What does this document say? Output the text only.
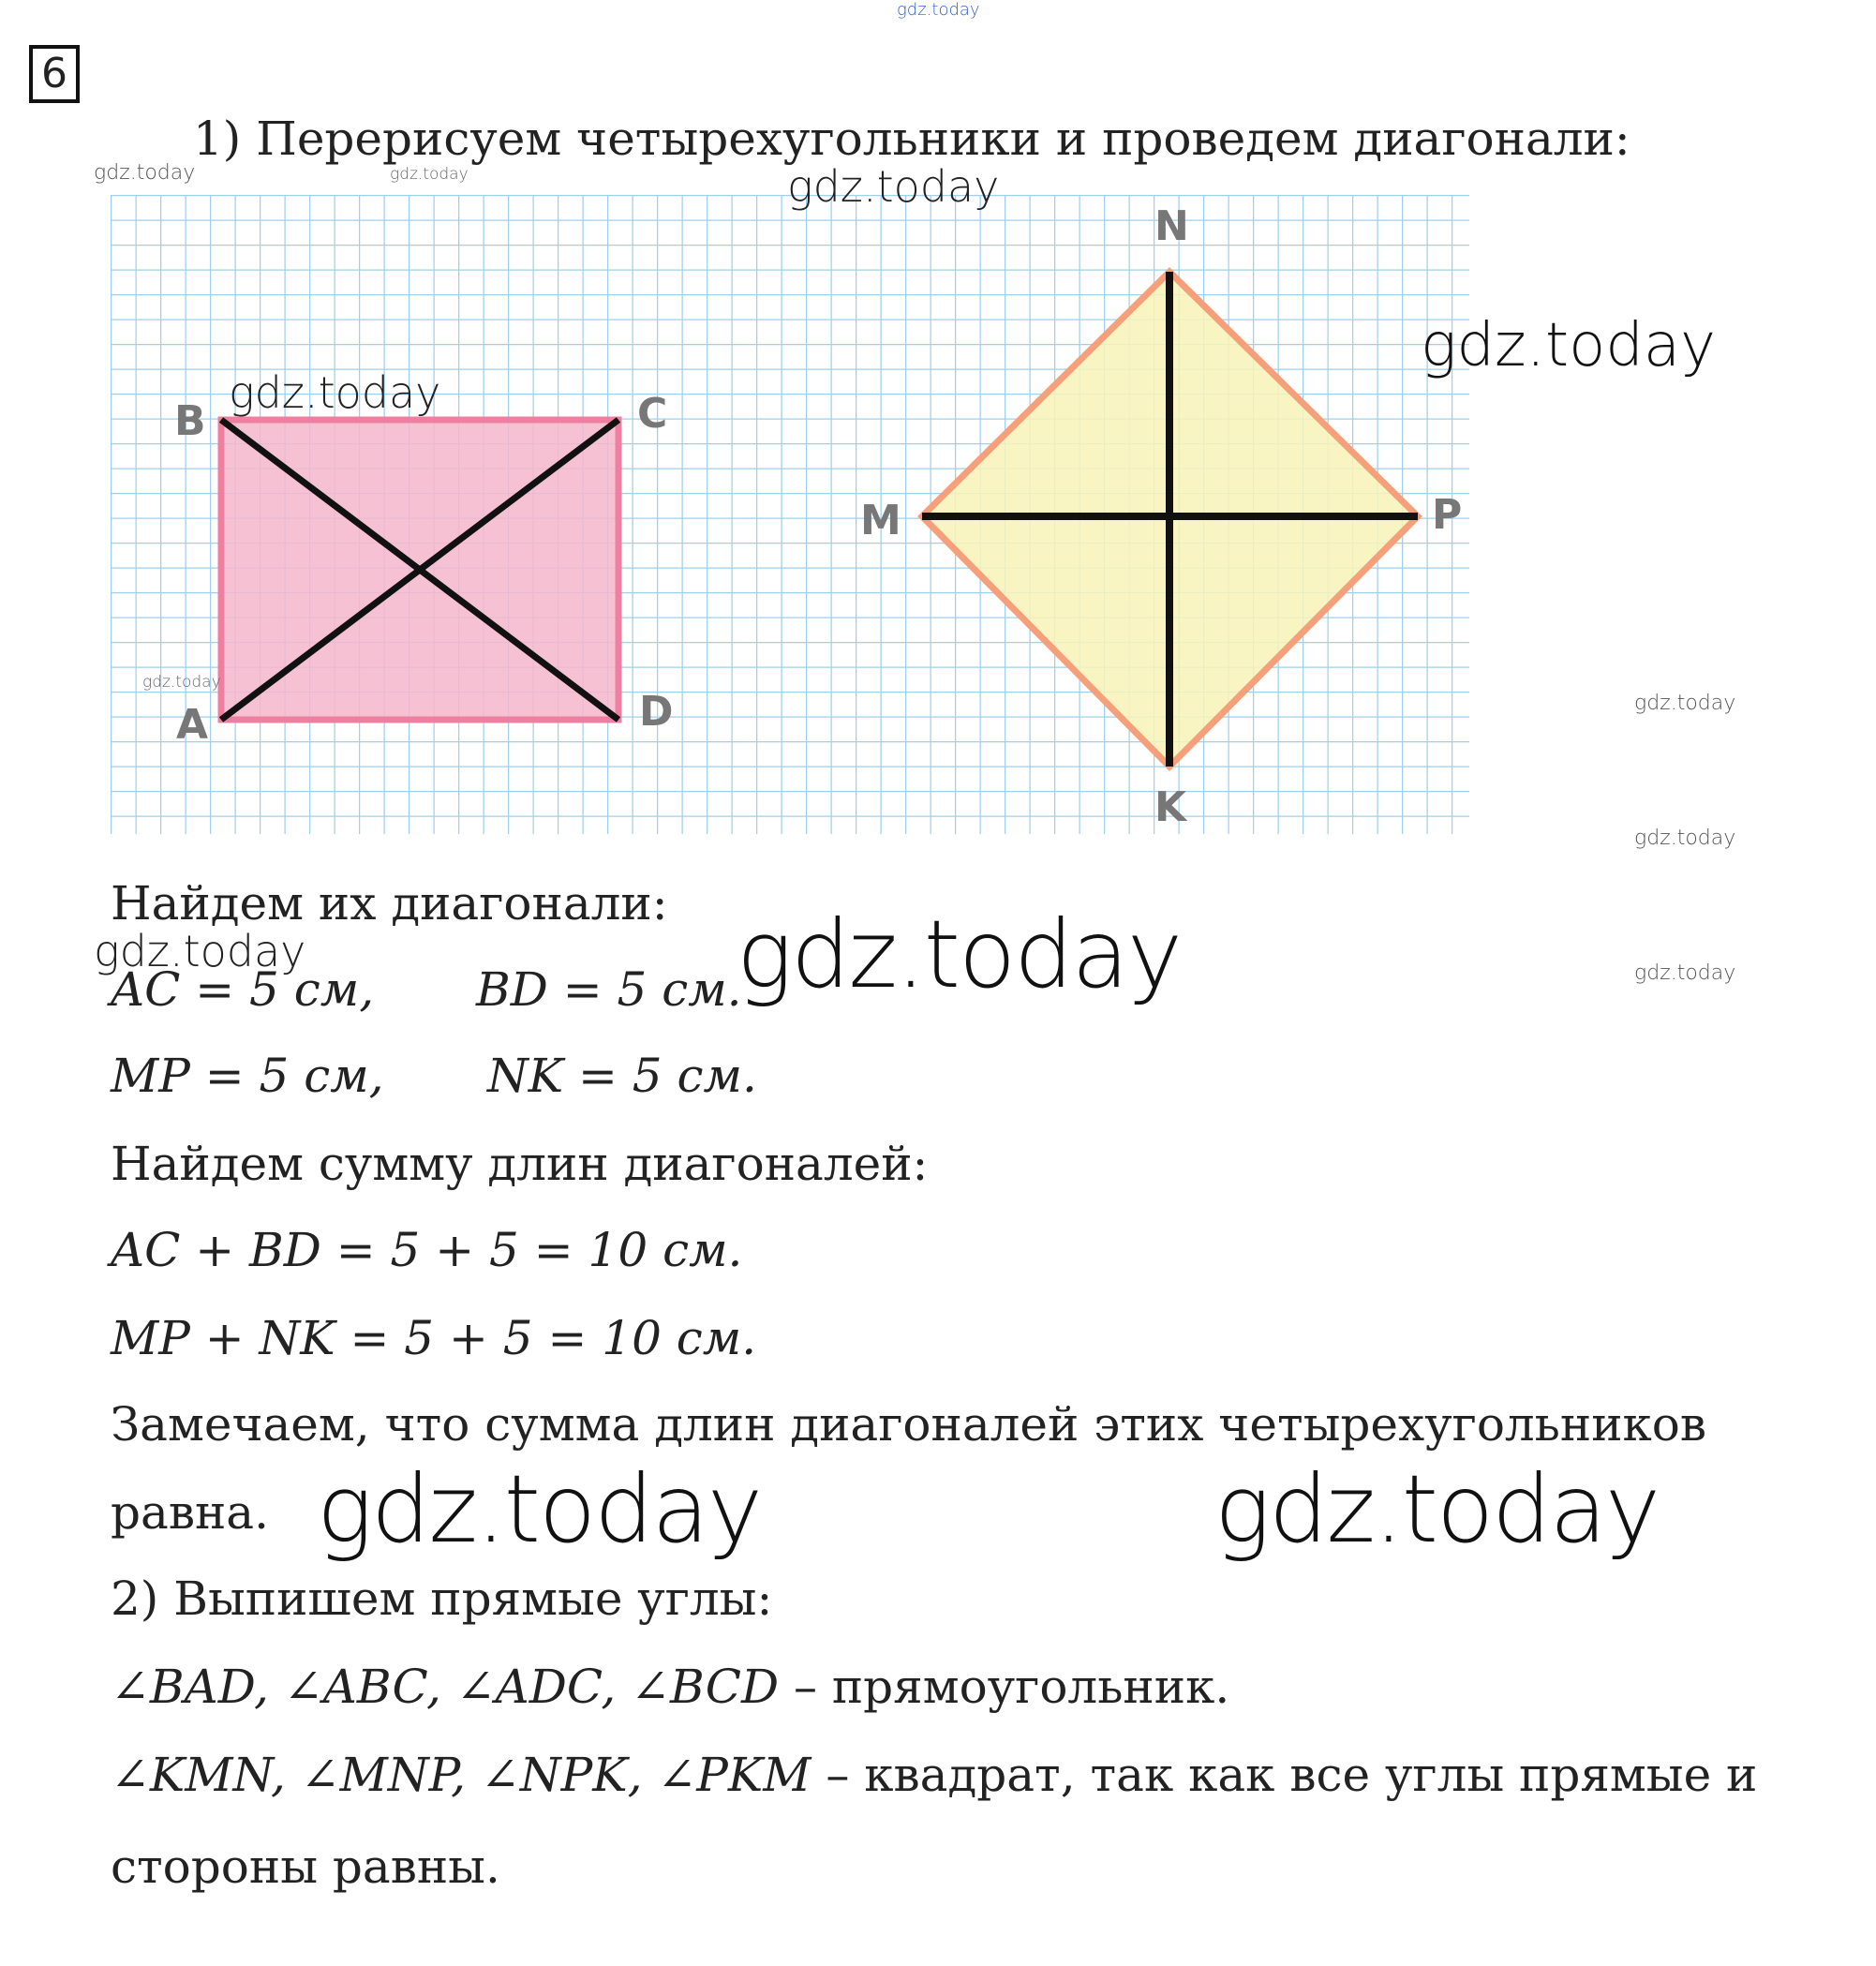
6
1) Перерисуем четырехугольники и проведем диагонали:
B	C
A	D
N
M	P
K
Найдем их диагонали:
AC = 5 см, BD = 5 см.
MP = 5 см, NK = 5 см.
Найдем сумму длин диагоналей:
AC + BD = 5 + 5 = 10 см.
MP + NK = 5 + 5 = 10 см.
Замечаем, что сумма длин диагоналей этих четырехугольников
равна.
2) Выпишем прямые углы:
∠BAD, ∠ABC, ∠ADC, ∠BCD – прямоугольник.
∠KMN, ∠MNP, ∠NPK, ∠PKM – квадрат, так как все углы прямые и
стороны равны.
gdz.today
gdz.today	gdz.today	gdz.today
gdz.today
gdz.today
gdz.today
gdz.today
gdz.today
gdz.today	gdz.today	gdz.today
gdz.today	gdz.today
